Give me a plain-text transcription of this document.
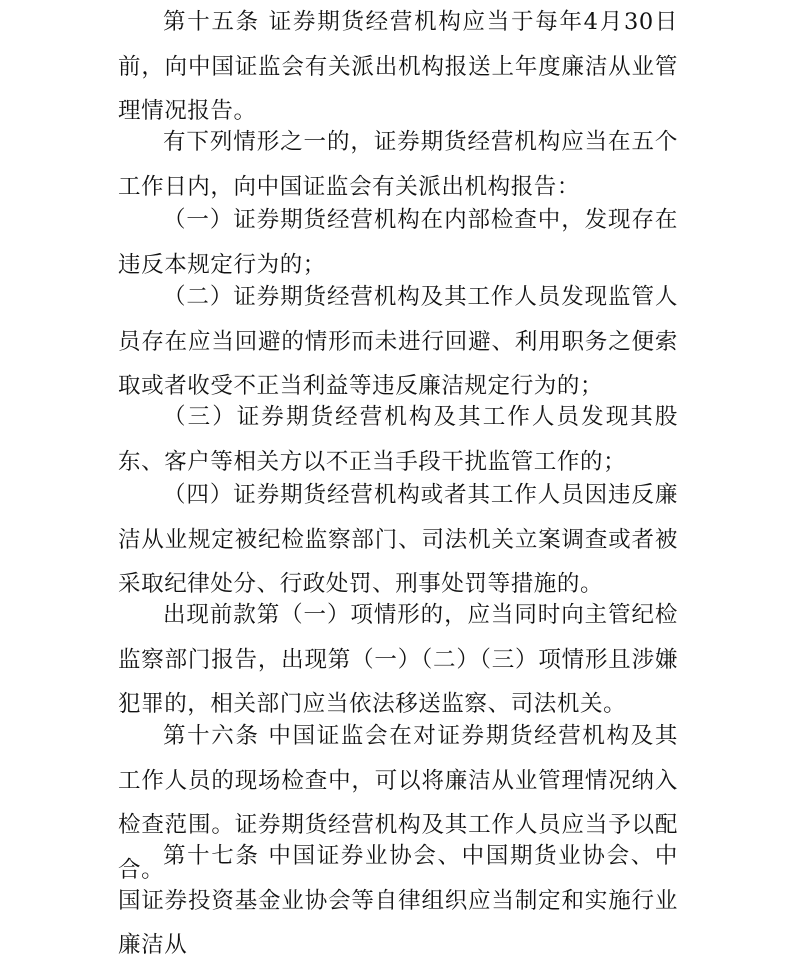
第十五条 证券期货经营机构应当于每年4月30日前，向中国证监会有关派出机构报送上年度廉洁从业管理情况报告。

有下列情形之一的，证券期货经营机构应当在五个工作日内，向中国证监会有关派出机构报告：

（一）证券期货经营机构在内部检查中，发现存在违反本规定行为的；

（二）证券期货经营机构及其工作人员发现监管人员存在应当回避的情形而未进行回避、利用职务之便索取或者收受不正当利益等违反廉洁规定行为的；

（三）证券期货经营机构及其工作人员发现其股东、客户等相关方以不正当手段干扰监管工作的；

（四）证券期货经营机构或者其工作人员因违反廉洁从业规定被纪检监察部门、司法机关立案调查或者被采取纪律处分、行政处罚、刑事处罚等措施的。

出现前款第（一）项情形的，应当同时向主管纪检监察部门报告，出现第（一）（二）（三）项情形且涉嫌犯罪的，相关部门应当依法移送监察、司法机关。

第十六条 中国证监会在对证券期货经营机构及其工作人员的现场检查中，可以将廉洁从业管理情况纳入检查范围。证券期货经营机构及其工作人员应当予以配合。

第十七条 中国证券业协会、中国期货业协会、中国证券投资基金业协会等自律组织应当制定和实施行业廉洁从
